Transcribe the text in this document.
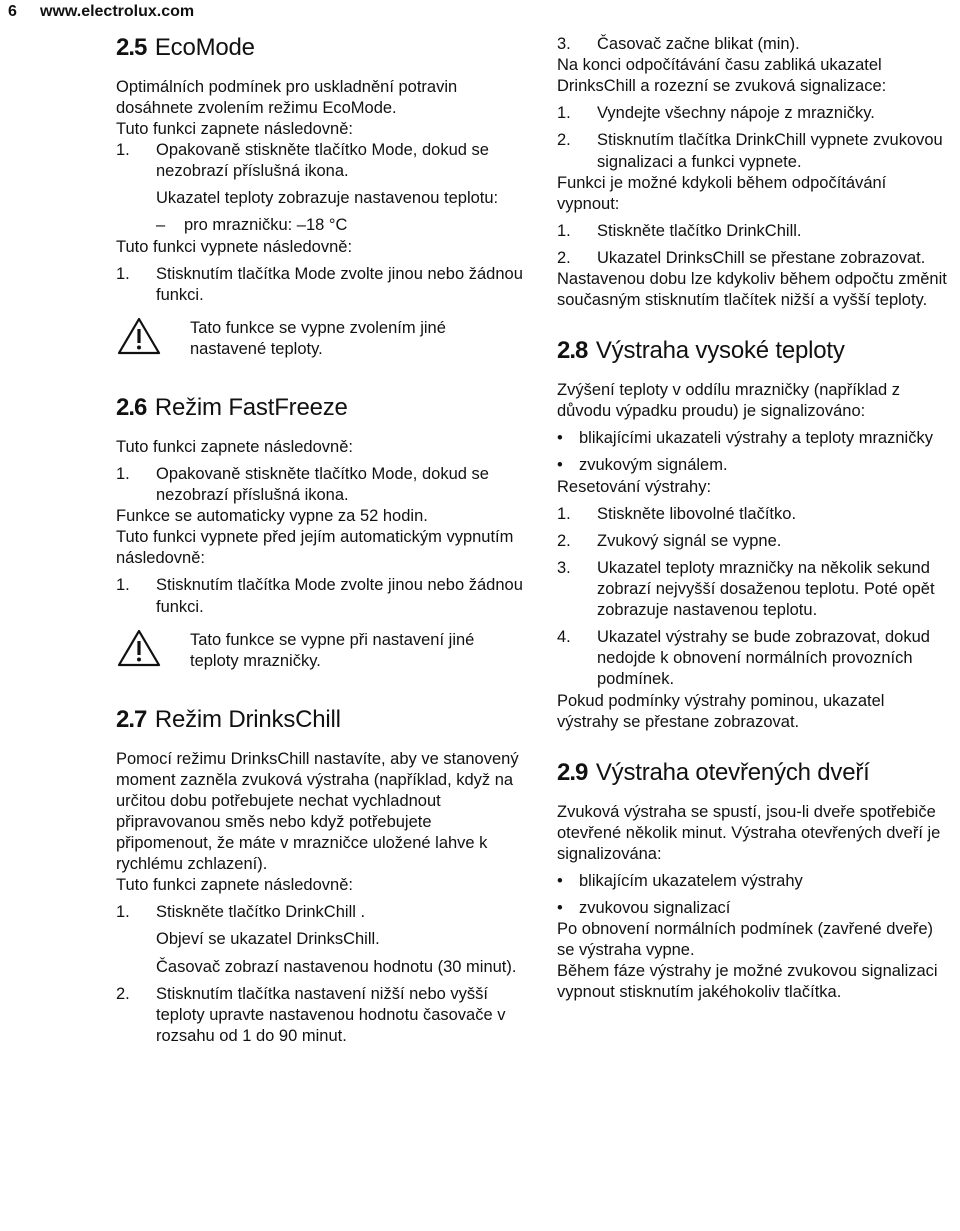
6 www.electrolux.com
2.5 EcoMode

Optimálních podmínek pro uskladnění potravin dosáhnete zvolením režimu EcoMode.

Tuto funkci zapnete následovně:

1.	Opakovaně stiskněte tlačítko Mode, dokud se nezobrazí příslušná ikona.

Ukazatel teploty zobrazuje nastavenou teplotu:

–	pro mrazničku: –18 °C

Tuto funkci vypnete následovně:

1.	Stisknutím tlačítka Mode zvolte jinou nebo žádnou funkci.
Tato funkce se vypne zvolením jiné nastavené teploty.
2.6 Režim FastFreeze

Tuto funkci zapnete následovně:

1.	Opakovaně stiskněte tlačítko Mode, dokud se nezobrazí příslušná ikona.

Funkce se automaticky vypne za 52 hodin.

Tuto funkci vypnete před jejím automatickým vypnutím následovně:

1.	Stisknutím tlačítka Mode zvolte jinou nebo žádnou funkci.
Tato funkce se vypne při nastavení jiné teploty mrazničky.
2.7 Režim DrinksChill

Pomocí režimu DrinksChill nastavíte, aby ve stanovený moment zazněla zvuková výstraha (například, když na určitou dobu potřebujete nechat vychladnout připravovanou směs nebo když potřebujete připomenout, že máte v mrazničce uložené lahve k rychlému zchlazení).

Tuto funkci zapnete následovně:

1.	Stiskněte tlačítko DrinkChill .

Objeví se ukazatel DrinksChill.

Časovač zobrazí nastavenou hodnotu (30 minut).

2.	Stisknutím tlačítka nastavení nižší nebo vyšší teploty upravte nastavenou hodnotu časovače v rozsahu od 1 do 90 minut.
3.	Časovač začne blikat (min).

Na konci odpočítávání času zabliká ukazatel DrinksChill a rozezní se zvuková signalizace:

1.	Vyndejte všechny nápoje z mrazničky.
2.	Stisknutím tlačítka DrinkChill vypnete zvukovou signalizaci a funkci vypnete.

Funkci je možné kdykoli během odpočítávání vypnout:

1.	Stiskněte tlačítko DrinkChill.
2.	Ukazatel DrinksChill se přestane zobrazovat.

Nastavenou dobu lze kdykoliv během odpočtu změnit současným stisknutím tlačítek nižší a vyšší teploty.

2.8 Výstraha vysoké teploty

Zvýšení teploty v oddílu mrazničky (například z důvodu výpadku proudu) je signalizováno:

• blikajícími ukazateli výstrahy a teploty mrazničky
• zvukovým signálem.

Resetování výstrahy:

1.	Stiskněte libovolné tlačítko.
2.	Zvukový signál se vypne.
3.	Ukazatel teploty mrazničky na několik sekund zobrazí nejvyšší dosaženou teplotu. Poté opět zobrazuje nastavenou teplotu.
4.	Ukazatel výstrahy se bude zobrazovat, dokud nedojde k obnovení normálních provozních podmínek.

Pokud podmínky výstrahy pominou, ukazatel výstrahy se přestane zobrazovat.

2.9 Výstraha otevřených dveří

Zvuková výstraha se spustí, jsou-li dveře spotřebiče otevřené několik minut. Výstraha otevřených dveří je signalizována:

• blikajícím ukazatelem výstrahy
• zvukovou signalizací

Po obnovení normálních podmínek (zavřené dveře) se výstraha vypne.

Během fáze výstrahy je možné zvukovou signalizaci vypnout stisknutím jakéhokoliv tlačítka.
